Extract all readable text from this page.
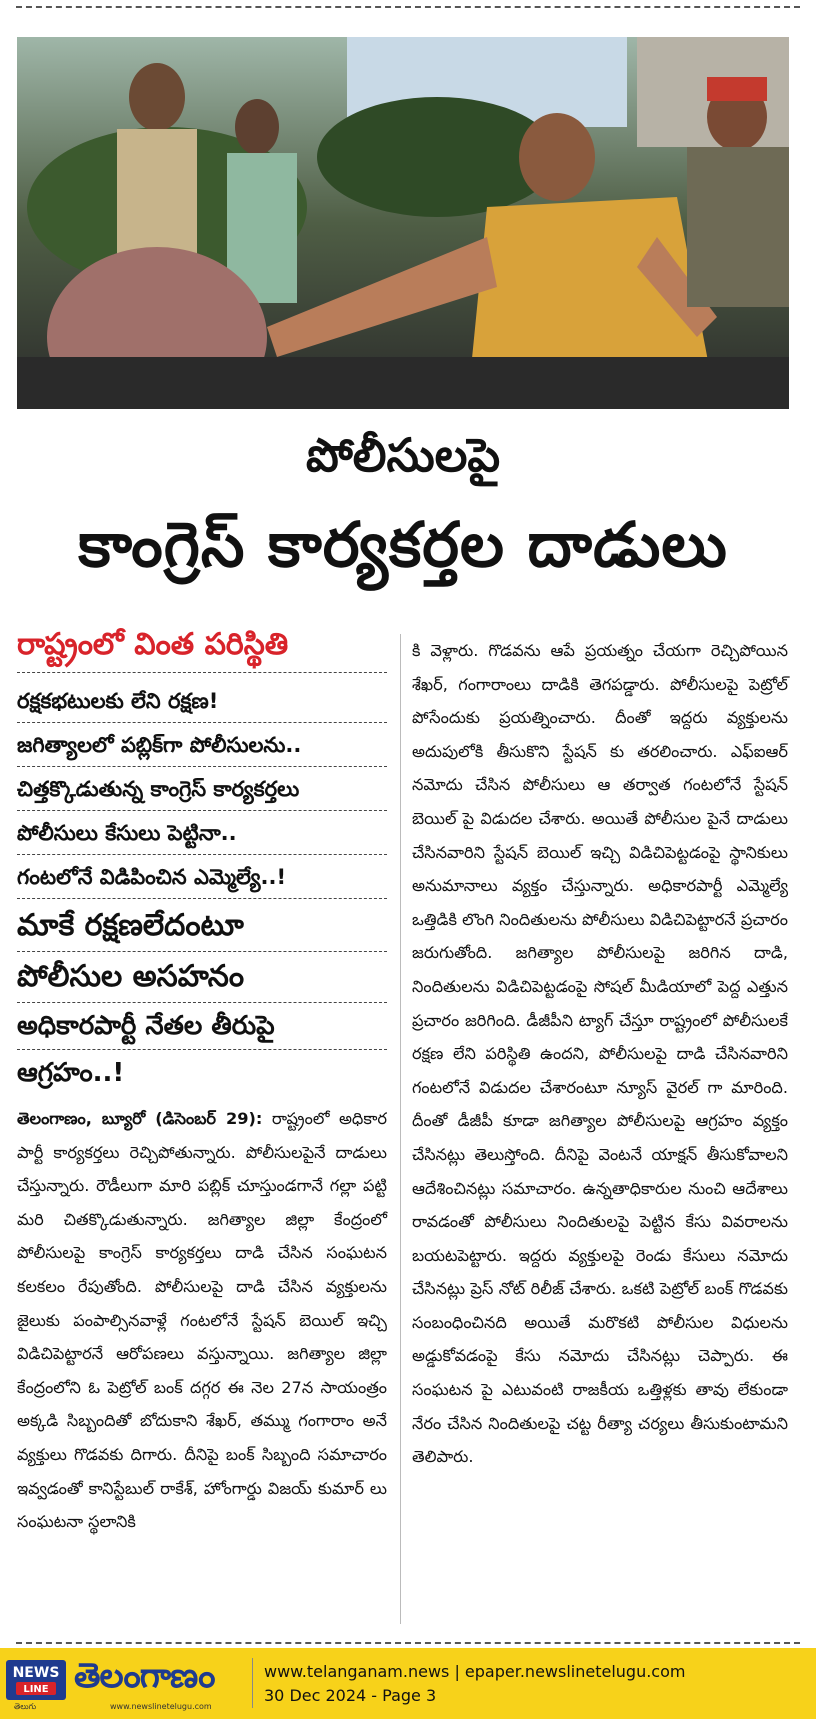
పోలీసులపై
కాంగ్రెస్ కార్యకర్తల దాడులు
రాష్ట్రంలో వింత పరిస్థితి
రక్షకభటులకు లేని రక్షణ!
జగిత్యాలలో పబ్లిక్‌గా పోలీసులను..
చిత్తక్కొడుతున్న కాంగ్రెస్ కార్యకర్తలు
పోలీసులు కేసులు పెట్టినా..
గంటలోనే విడిపించిన ఎమ్మెల్యే..!
మాకే రక్షణలేదంటూ
పోలీసుల అసహనం
అధికారపార్టీ నేతల తీరుపై
ఆగ్రహం..!
తెలంగాణం, బ్యూరో (డిసెంబర్ 29): రాష్ట్రంలో అధికార పార్టీ కార్యకర్తలు రెచ్చిపోతున్నారు. పోలీసులపైనే దాడులు చేస్తున్నారు. రౌడీలుగా మారి పబ్లిక్ చూస్తుండగానే గల్లా పట్టి మరి చితక్కొడుతున్నారు. జగిత్యాల జిల్లా కేంద్రంలో పోలీసులపై కాంగ్రెస్ కార్యకర్తలు దాడి చేసిన సంఘటన కలకలం రేపుతోంది. పోలీసులపై దాడి చేసిన వ్యక్తులను జైలుకు పంపాల్సినవాళ్లే గంటలోనే స్టేషన్ బెయిల్ ఇచ్చి విడిచిపెట్టారనే ఆరోపణలు వస్తున్నాయి. జగిత్యాల జిల్లా కేంద్రంలోని ఓ పెట్రోల్ బంక్ దగ్గర ఈ నెల 27న సాయంత్రం అక్కడి సిబ్బందితో బోదుకాని శేఖర్, తమ్ము గంగారాం అనే వ్యక్తులు గొడవకు దిగారు. దీనిపై బంక్ సిబ్బంది సమాచారం ఇవ్వడంతో కానిస్టేబుల్ రాకేశ్, హోంగార్డు విజయ్ కుమార్ లు సంఘటనా స్థలానికి
కి వెళ్లారు. గొడవను ఆపే ప్రయత్నం చేయగా రెచ్చిపోయిన శేఖర్, గంగారాంలు దాడికి తెగపడ్డారు. పోలీసులపై పెట్రోల్ పోసేందుకు ప్రయత్నించారు. దీంతో ఇద్దరు వ్యక్తులను అదుపులోకి తీసుకొని స్టేషన్ కు తరలించారు. ఎఫ్ఐఆర్ నమోదు చేసిన పోలీసులు ఆ తర్వాత గంటలోనే స్టేషన్ బెయిల్ పై విడుదల చేశారు. అయితే పోలీసుల పైనే దాడులు చేసినవారిని స్టేషన్ బెయిల్ ఇచ్చి విడిచిపెట్టడంపై స్థానికులు అనుమానాలు వ్యక్తం చేస్తున్నారు. అధికారపార్టీ ఎమ్మెల్యే ఒత్తిడికి లొంగి నిందితులను పోలీసులు విడిచిపెట్టారనే ప్రచారం జరుగుతోంది. జగిత్యాల పోలీసులపై జరిగిన దాడి, నిందితులను విడిచిపెట్టడంపై సోషల్ మీడియాలో పెద్ద ఎత్తున ప్రచారం జరిగింది. డీజీపీని ట్యాగ్ చేస్తూ రాష్ట్రంలో పోలీసులకే రక్షణ లేని పరిస్థితి ఉందని, పోలీసులపై దాడి చేసినవారిని గంటలోనే విడుదల చేశారంటూ న్యూస్ వైరల్ గా మారింది. దీంతో డీజీపీ కూడా జగిత్యాల పోలీసులపై ఆగ్రహం వ్యక్తం చేసినట్లు తెలుస్తోంది. దీనిపై వెంటనే యాక్షన్ తీసుకోవాలని ఆదేశించినట్లు సమాచారం. ఉన్నతాధికారుల నుంచి ఆదేశాలు రావడంతో పోలీసులు నిందితులపై పెట్టిన కేసు వివరాలను బయటపెట్టారు. ఇద్దరు వ్యక్తులపై రెండు కేసులు నమోదు చేసినట్లు ప్రెస్ నోట్ రిలీజ్ చేశారు. ఒకటి పెట్రోల్ బంక్ గొడవకు సంబంధించినది అయితే మరొకటి పోలీసుల విధులను అడ్డుకోవడంపై కేసు నమోదు చేసినట్లు చెప్పారు. ఈ సంఘటన పై ఎటువంటి రాజకీయ ఒత్తిళ్లకు తావు లేకుండా నేరం చేసిన నిందితులపై చట్ట రీత్యా చర్యలు తీసుకుంటామని తెలిపారు.
NEWS
LINE
తెలుగు
తెలంగాణం
www.newslinetelugu.com
www.telanganam.news | epaper.newslinetelugu.com
30 Dec 2024 - Page 3
